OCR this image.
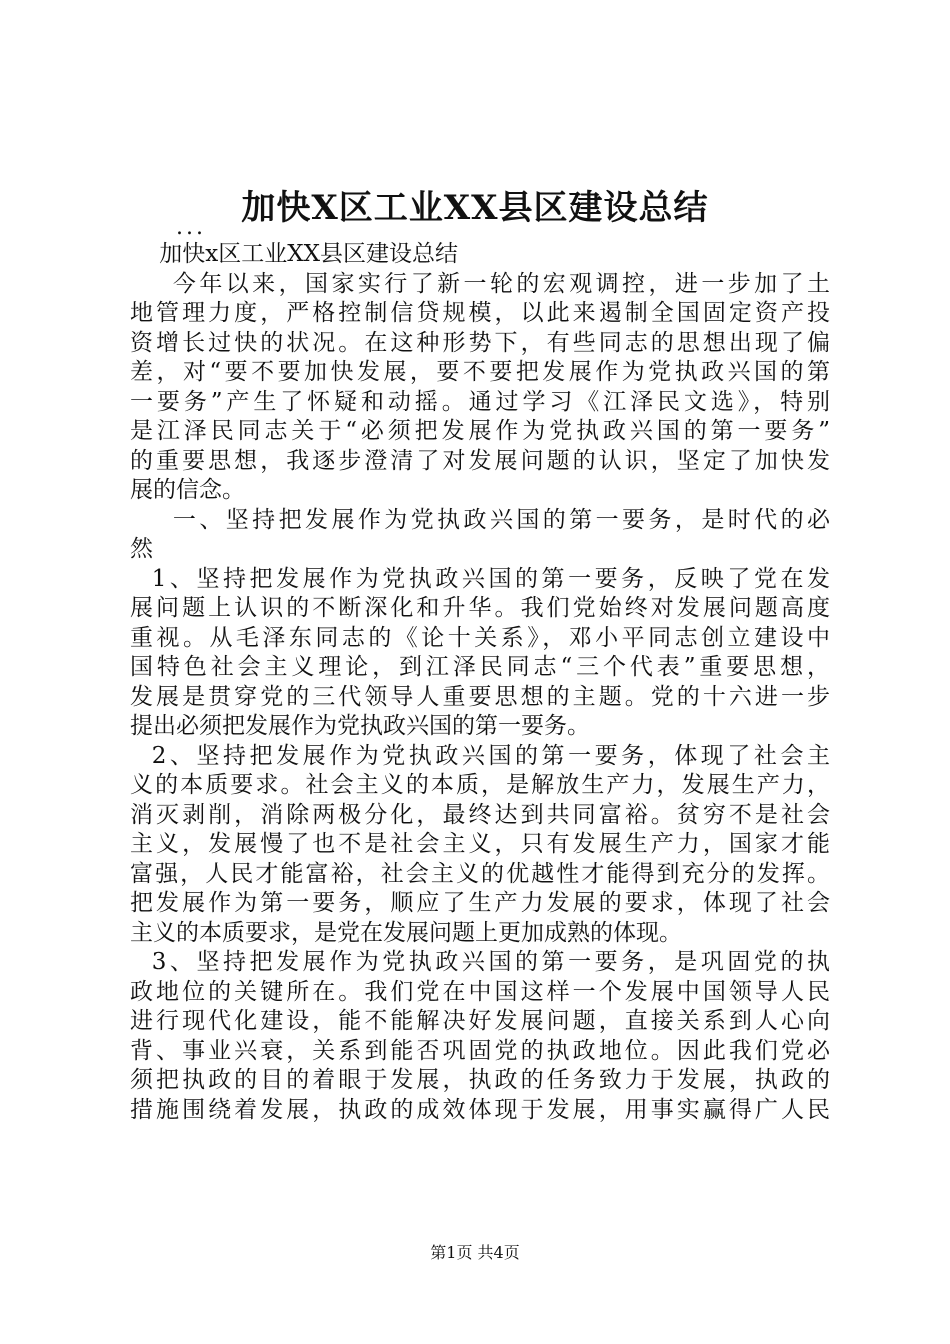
加快X区工业XX县区建设总结
...
加快x区工业XX县区建设总结
今年以来，国家实行了新一轮的宏观调控，进一步加了土
地管理力度，严格控制信贷规模，以此来遏制全国固定资产投
资增长过快的状况。在这种形势下，有些同志的思想出现了偏
差，对“要不要加快发展，要不要把发展作为党执政兴国的第
一要务”产生了怀疑和动摇。通过学习《江泽民文选》，特别
是江泽民同志关于“必须把发展作为党执政兴国的第一要务”
的重要思想，我逐步澄清了对发展问题的认识，坚定了加快发
展的信念。
一、坚持把发展作为党执政兴国的第一要务，是时代的必
然
1、坚持把发展作为党执政兴国的第一要务，反映了党在发
展问题上认识的不断深化和升华。我们党始终对发展问题高度
重视。从毛泽东同志的《论十关系》，邓小平同志创立建设中
国特色社会主义理论，到江泽民同志“三个代表”重要思想，
发展是贯穿党的三代领导人重要思想的主题。党的十六进一步
提出必须把发展作为党执政兴国的第一要务。
2、坚持把发展作为党执政兴国的第一要务，体现了社会主
义的本质要求。社会主义的本质，是解放生产力，发展生产力，
消灭剥削，消除两极分化，最终达到共同富裕。贫穷不是社会
主义，发展慢了也不是社会主义，只有发展生产力，国家才能
富强，人民才能富裕，社会主义的优越性才能得到充分的发挥。
把发展作为第一要务，顺应了生产力发展的要求，体现了社会
主义的本质要求，是党在发展问题上更加成熟的体现。
3、坚持把发展作为党执政兴国的第一要务，是巩固党的执
政地位的关键所在。我们党在中国这样一个发展中国领导人民
进行现代化建设，能不能解决好发展问题，直接关系到人心向
背、事业兴衰，关系到能否巩固党的执政地位。因此我们党必
须把执政的目的着眼于发展，执政的任务致力于发展，执政的
措施围绕着发展，执政的成效体现于发展，用事实赢得广人民
第1页 共4页
